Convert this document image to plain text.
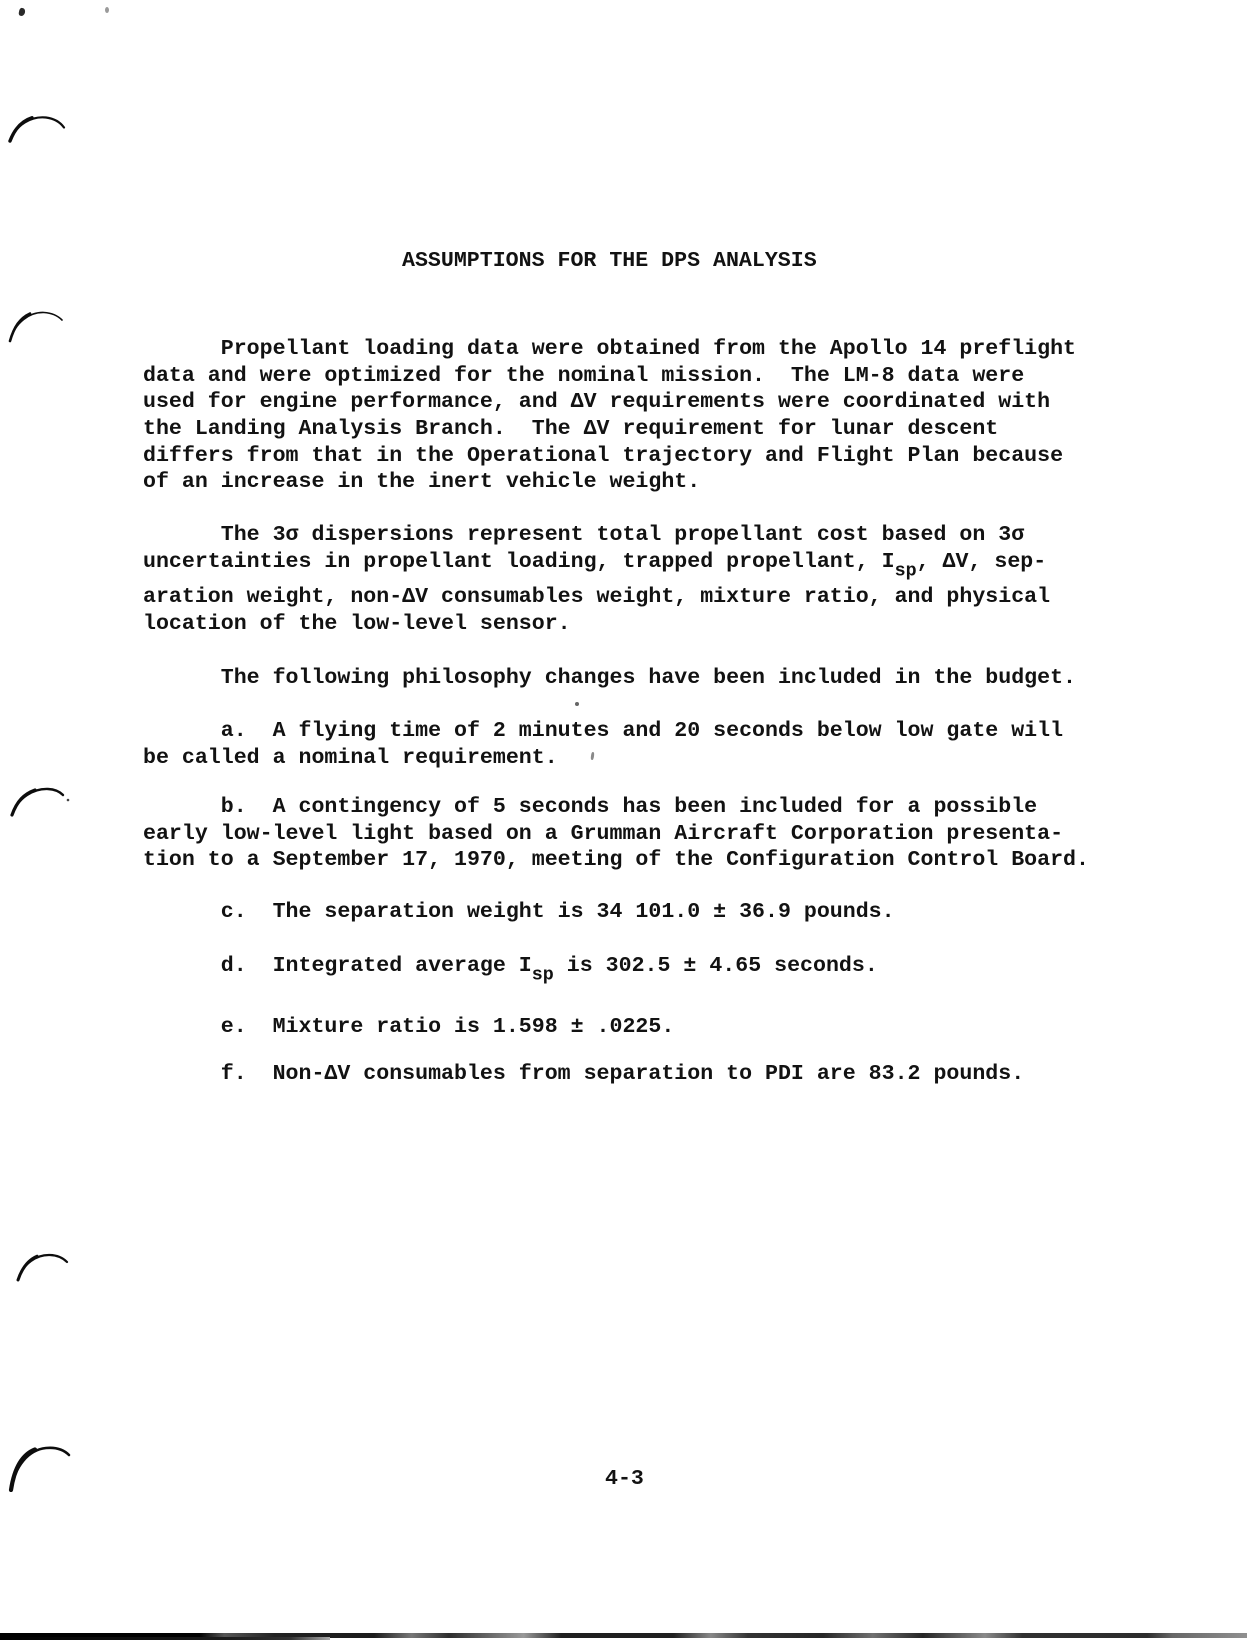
ASSUMPTIONS FOR THE DPS ANALYSIS
Propellant loading data were obtained from the Apollo 14 preflight
data and were optimized for the nominal mission.  The LM-8 data were
used for engine performance, and ΔV requirements were coordinated with
the Landing Analysis Branch.  The ΔV requirement for lunar descent
differs from that in the Operational trajectory and Flight Plan because
of an increase in the inert vehicle weight.
The 3σ dispersions represent total propellant cost based on 3σ
uncertainties in propellant loading, trapped propellant, $I_{sp}$, ΔV, sep-
aration weight, non-ΔV consumables weight, mixture ratio, and physical
location of the low-level sensor.
The following philosophy changes have been included in the budget.
a.  A flying time of 2 minutes and 20 seconds below low gate will
be called a nominal requirement.
b.  A contingency of 5 seconds has been included for a possible
early low-level light based on a Grumman Aircraft Corporation presenta-
tion to a September 17, 1970, meeting of the Configuration Control Board.
c.  The separation weight is 34 101.0 ± 36.9 pounds.
d.  Integrated average $I_{sp}$ is 302.5 ± 4.65 seconds.
e.  Mixture ratio is 1.598 ± .0225.
f.  Non-ΔV consumables from separation to PDI are 83.2 pounds.
4-3
